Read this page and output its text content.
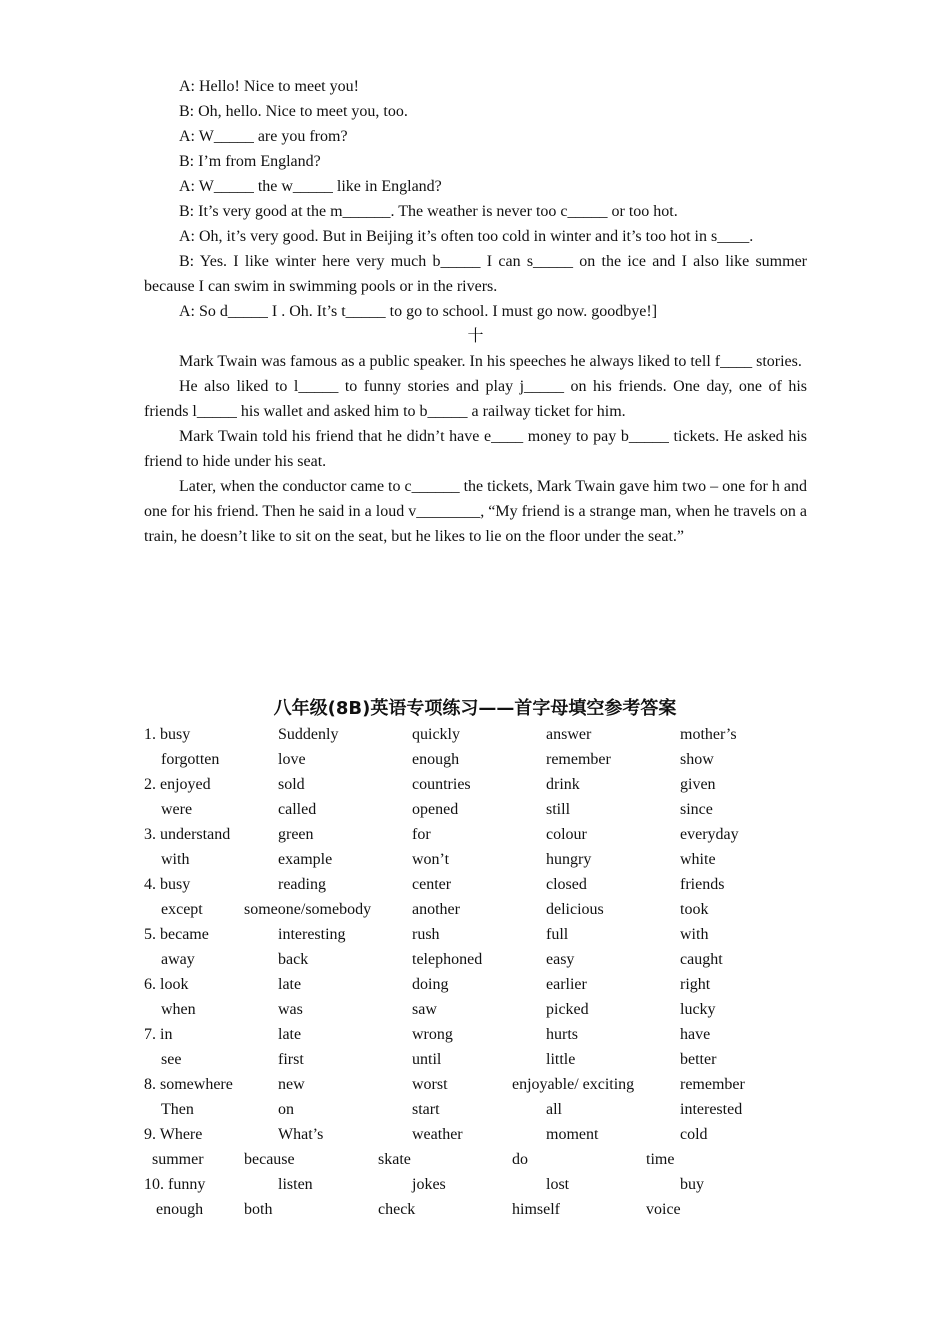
A: Hello! Nice to meet you!
B: Oh, hello. Nice to meet you, too.
A: W_____ are you from?
B: I’m from England?
A: W_____ the w_____ like in England?
B: It’s very good at the m______. The weather is never too c_____ or too hot.
A: Oh, it’s very good. But in Beijing it’s often too cold in winter and it’s too hot in s____.

B: Yes. I like winter here very much b_____ I can s_____ on the ice and I also like summer because I can swim in swimming pools or in the rivers.

A: So d_____ I . Oh. It’s t_____ to go to school. I must go now. goodbye!]
十

Mark Twain was famous as a public speaker. In his speeches he always liked to tell f____ stories.

He also liked to l_____ to funny stories and play j_____ on his friends. One day, one of his friends l_____ his wallet and asked him to b_____ a railway ticket for him.

Mark Twain told his friend that he didn’t have e____ money to pay b_____ tickets. He asked his friend to hide under his seat.

Later, when the conductor came to c______ the tickets, Mark Twain gave him two – one for h and one for his friend. Then he said in a loud v________, “My friend is a strange man, when he travels on a train, he doesn’t like to sit on the seat, but he likes to lie on the floor under the seat.”

八年级(8B)英语专项练习——首字母填空参考答案
1. busy	Suddenly	quickly	answer	mother’s
forgotten	love	enough	remember	show
2. enjoyed	sold	countries	drink	given
were	called	opened	still	since
3. understand	green	for	colour	everyday
with	example	won’t	hungry	white
4. busy	reading	center	closed	friends
except	someone/somebody	another	delicious	took
5. became	interesting	rush	full	with
away	back	telephoned	easy	caught
6. look	late	doing	earlier	right
when	was	saw	picked	lucky
7. in	late	wrong	hurts	have
see	first	until	little	better
8. somewhere	new	worst	enjoyable/ exciting	remember
Then	on	start	all	interested
9. Where	What’s	weather	moment	cold
summer	because	skate	do	time
10. funny	listen	jokes	lost	buy
enough	both	check	himself	voice
